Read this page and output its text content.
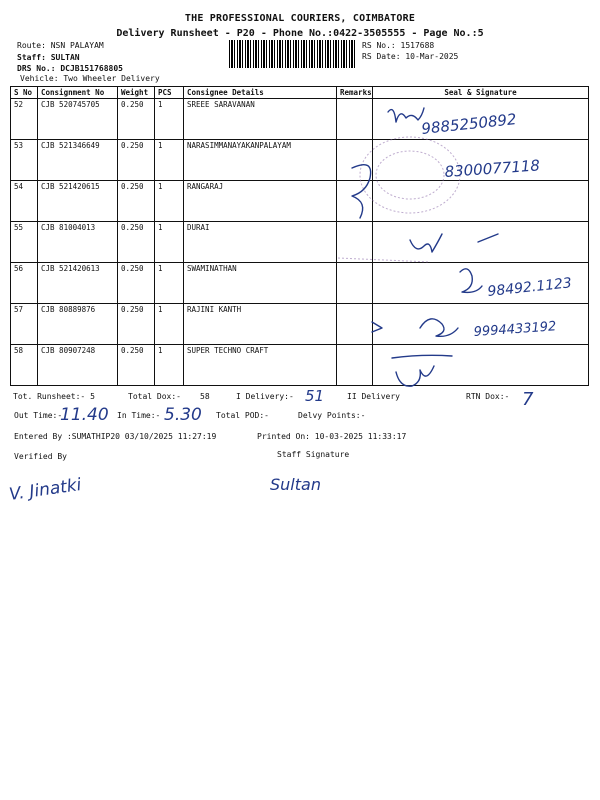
THE PROFESSIONAL COURIERS, COIMBATORE
Delivery Runsheet - P20 - Phone No.:0422-3505555 - Page No.:5
Route: NSN PALAYAM
Staff: SULTAN
DRS No.: DCJB151768805
Vehicle: Two Wheeler Delivery
RS No.: 1517688
RS Date: 10-Mar-2025
S No	Consignment No	Weight	PCS	Consignee Details	Remarks	Seal & Signature
52	CJB 520745705	0.250	1	SREEE SARAVANAN		
53	CJB 521346649	0.250	1	NARASIMMANAYAKANPALAYAM		
54	CJB 521420615	0.250	1	RANGARAJ		
55	CJB 81004013	0.250	1	DURAI		
56	CJB 521420613	0.250	1	SWAMINATHAN		
57	CJB 80889876	0.250	1	RAJINI KANTH		
58	CJB 80907248	0.250	1	SUPER TECHNO CRAFT		
Tot. Runsheet:- 5	Total Dox:- 58	I Delivery:-	II Delivery	RTN Dox:-
Out Time:-	In Time:-	Total POD:-	Delvy Points:-
Entered By :SUMATHIP20 03/10/2025 11:27:19	Printed On: 10-03-2025 11:33:17
Verified By	Staff Signature
9885250892
8300077118
98492.1123
9994433192
51	7
11.40	5.30
V. Jinatki	Sultan
